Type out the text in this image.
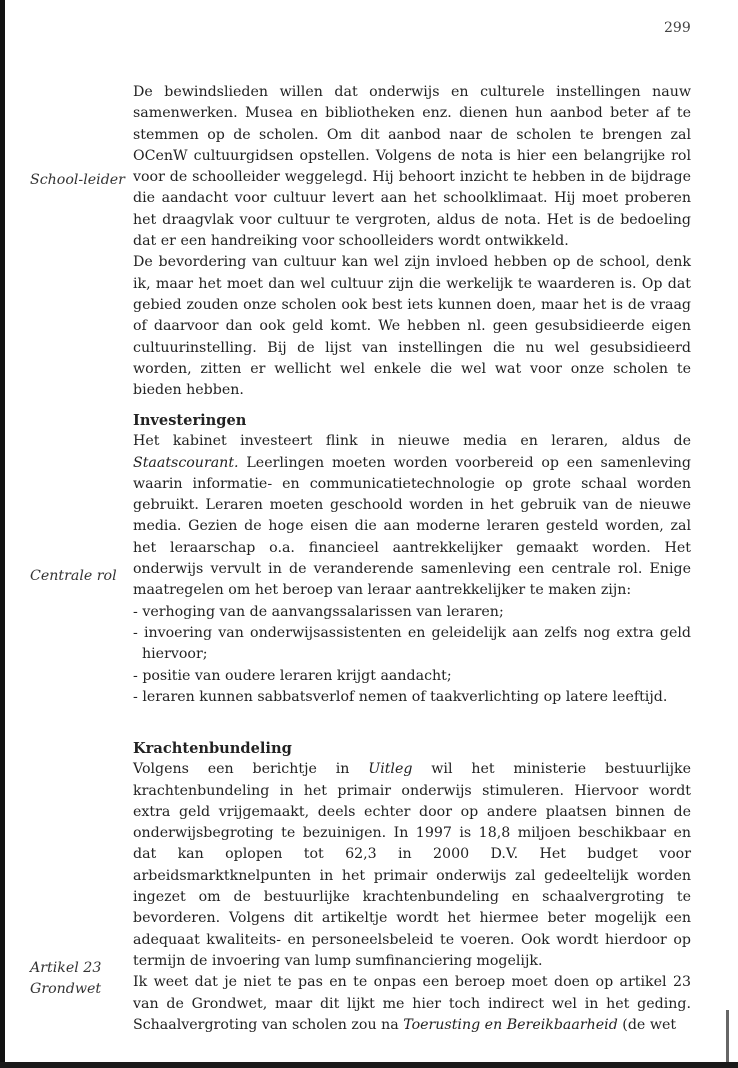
299
School-leider
Centrale rol
Artikel 23 Grondwet

De bewindslieden willen dat onderwijs en culturele instellingen nauw samenwerken. Musea en bibliotheken enz. dienen hun aanbod beter af te stemmen op de scholen. Om dit aanbod naar de scholen te brengen zal OCenW cultuurgidsen opstellen. Volgens de nota is hier een belangrijke rol voor de schoolleider weggelegd. Hij behoort inzicht te hebben in de bijdrage die aandacht voor cultuur levert aan het schoolklimaat. Hij moet proberen het draagvlak voor cultuur te vergroten, aldus de nota. Het is de bedoeling dat er een handreiking voor schoolleiders wordt ontwikkeld.

De bevordering van cultuur kan wel zijn invloed hebben op de school, denk ik, maar het moet dan wel cultuur zijn die werkelijk te waarderen is. Op dat gebied zouden onze scholen ook best iets kunnen doen, maar het is de vraag of daarvoor dan ook geld komt. We hebben nl. geen gesubsidieerde eigen cultuurinstelling. Bij de lijst van instellingen die nu wel gesubsidieerd worden, zitten er wellicht wel enkele die wel wat voor onze scholen te bieden hebben.

Investeringen

Het kabinet investeert flink in nieuwe media en leraren, aldus de Staatscourant. Leerlingen moeten worden voorbereid op een samenleving waarin informatie- en communicatietechnologie op grote schaal worden gebruikt. Leraren moeten geschoold worden in het gebruik van de nieuwe media. Gezien de hoge eisen die aan moderne leraren gesteld worden, zal het leraarschap o.a. financieel aantrekkelijker gemaakt worden. Het onderwijs vervult in de veranderende samenleving een centrale rol. Enige maatregelen om het beroep van leraar aantrekkelijker te maken zijn:

- verhoging van de aanvangssalarissen van leraren;
- invoering van onderwijsassistenten en geleidelijk aan zelfs nog extra geld hiervoor;
- positie van oudere leraren krijgt aandacht;
- leraren kunnen sabbatsverlof nemen of taakverlichting op latere leeftijd.
Krachtenbundeling

Volgens een berichtje in Uitleg wil het ministerie bestuurlijke krachtenbundeling in het primair onderwijs stimuleren. Hiervoor wordt extra geld vrijgemaakt, deels echter door op andere plaatsen binnen de onderwijsbegroting te bezuinigen. In 1997 is 18,8 miljoen beschikbaar en dat kan oplopen tot 62,3 in 2000 D.V. Het budget voor arbeidsmarktknelpunten in het primair onderwijs zal gedeeltelijk worden ingezet om de bestuurlijke krachtenbundeling en schaalvergroting te bevorderen. Volgens dit artikeltje wordt het hiermee beter mogelijk een adequaat kwaliteits- en personeelsbeleid te voeren. Ook wordt hierdoor op termijn de invoering van lump sumfinanciering mogelijk.

Ik weet dat je niet te pas en te onpas een beroep moet doen op artikel 23 van de Grondwet, maar dit lijkt me hier toch indirect wel in het geding. Schaalvergroting van scholen zou na Toerusting en Bereikbaarheid (de wet
